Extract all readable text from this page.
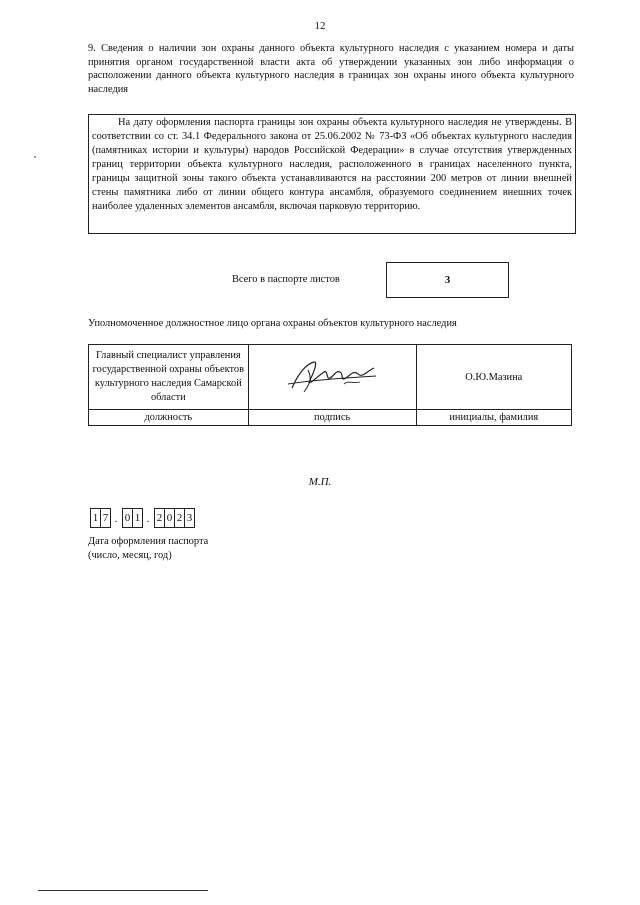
12
9. Сведения о наличии зон охраны данного объекта культурного наследия с указанием номера и даты принятия органом государственной власти акта об утверждении указанных зон либо информация о расположении данного объекта культурного наследия в границах зон охраны иного объекта культурного наследия

На дату оформления паспорта границы зон охраны объекта культурного наследия не утверждены. В соответствии со ст. 34.1 Федерального закона от 25.06.2002 № 73-ФЗ «Об объектах культурного наследия (памятниках истории и культуры) народов Российской Федерации» в случае отсутствия утвержденных границ территории объекта культурного наследия, расположенного в границах населенного пункта, границы защитной зоны такого объекта устанавливаются на расстоянии 200 метров от линии внешней стены памятника либо от линии общего контура ансамбля, образуемого соединением внешних точек наиболее удаленных элементов ансамбля, включая парковую территорию.

Всего в паспорте листов	3
Уполномоченное должностное лицо органа охраны объектов культурного наследия
Главный специалист управления государственной охраны объектов культурного наследия Самарской области		О.Ю.Мазина
должность	подпись	инициалы, фамилия
М.П.
1 7 . 0 1 . 2 0 2 3
Дата оформления паспорта
(число, месяц, год)
